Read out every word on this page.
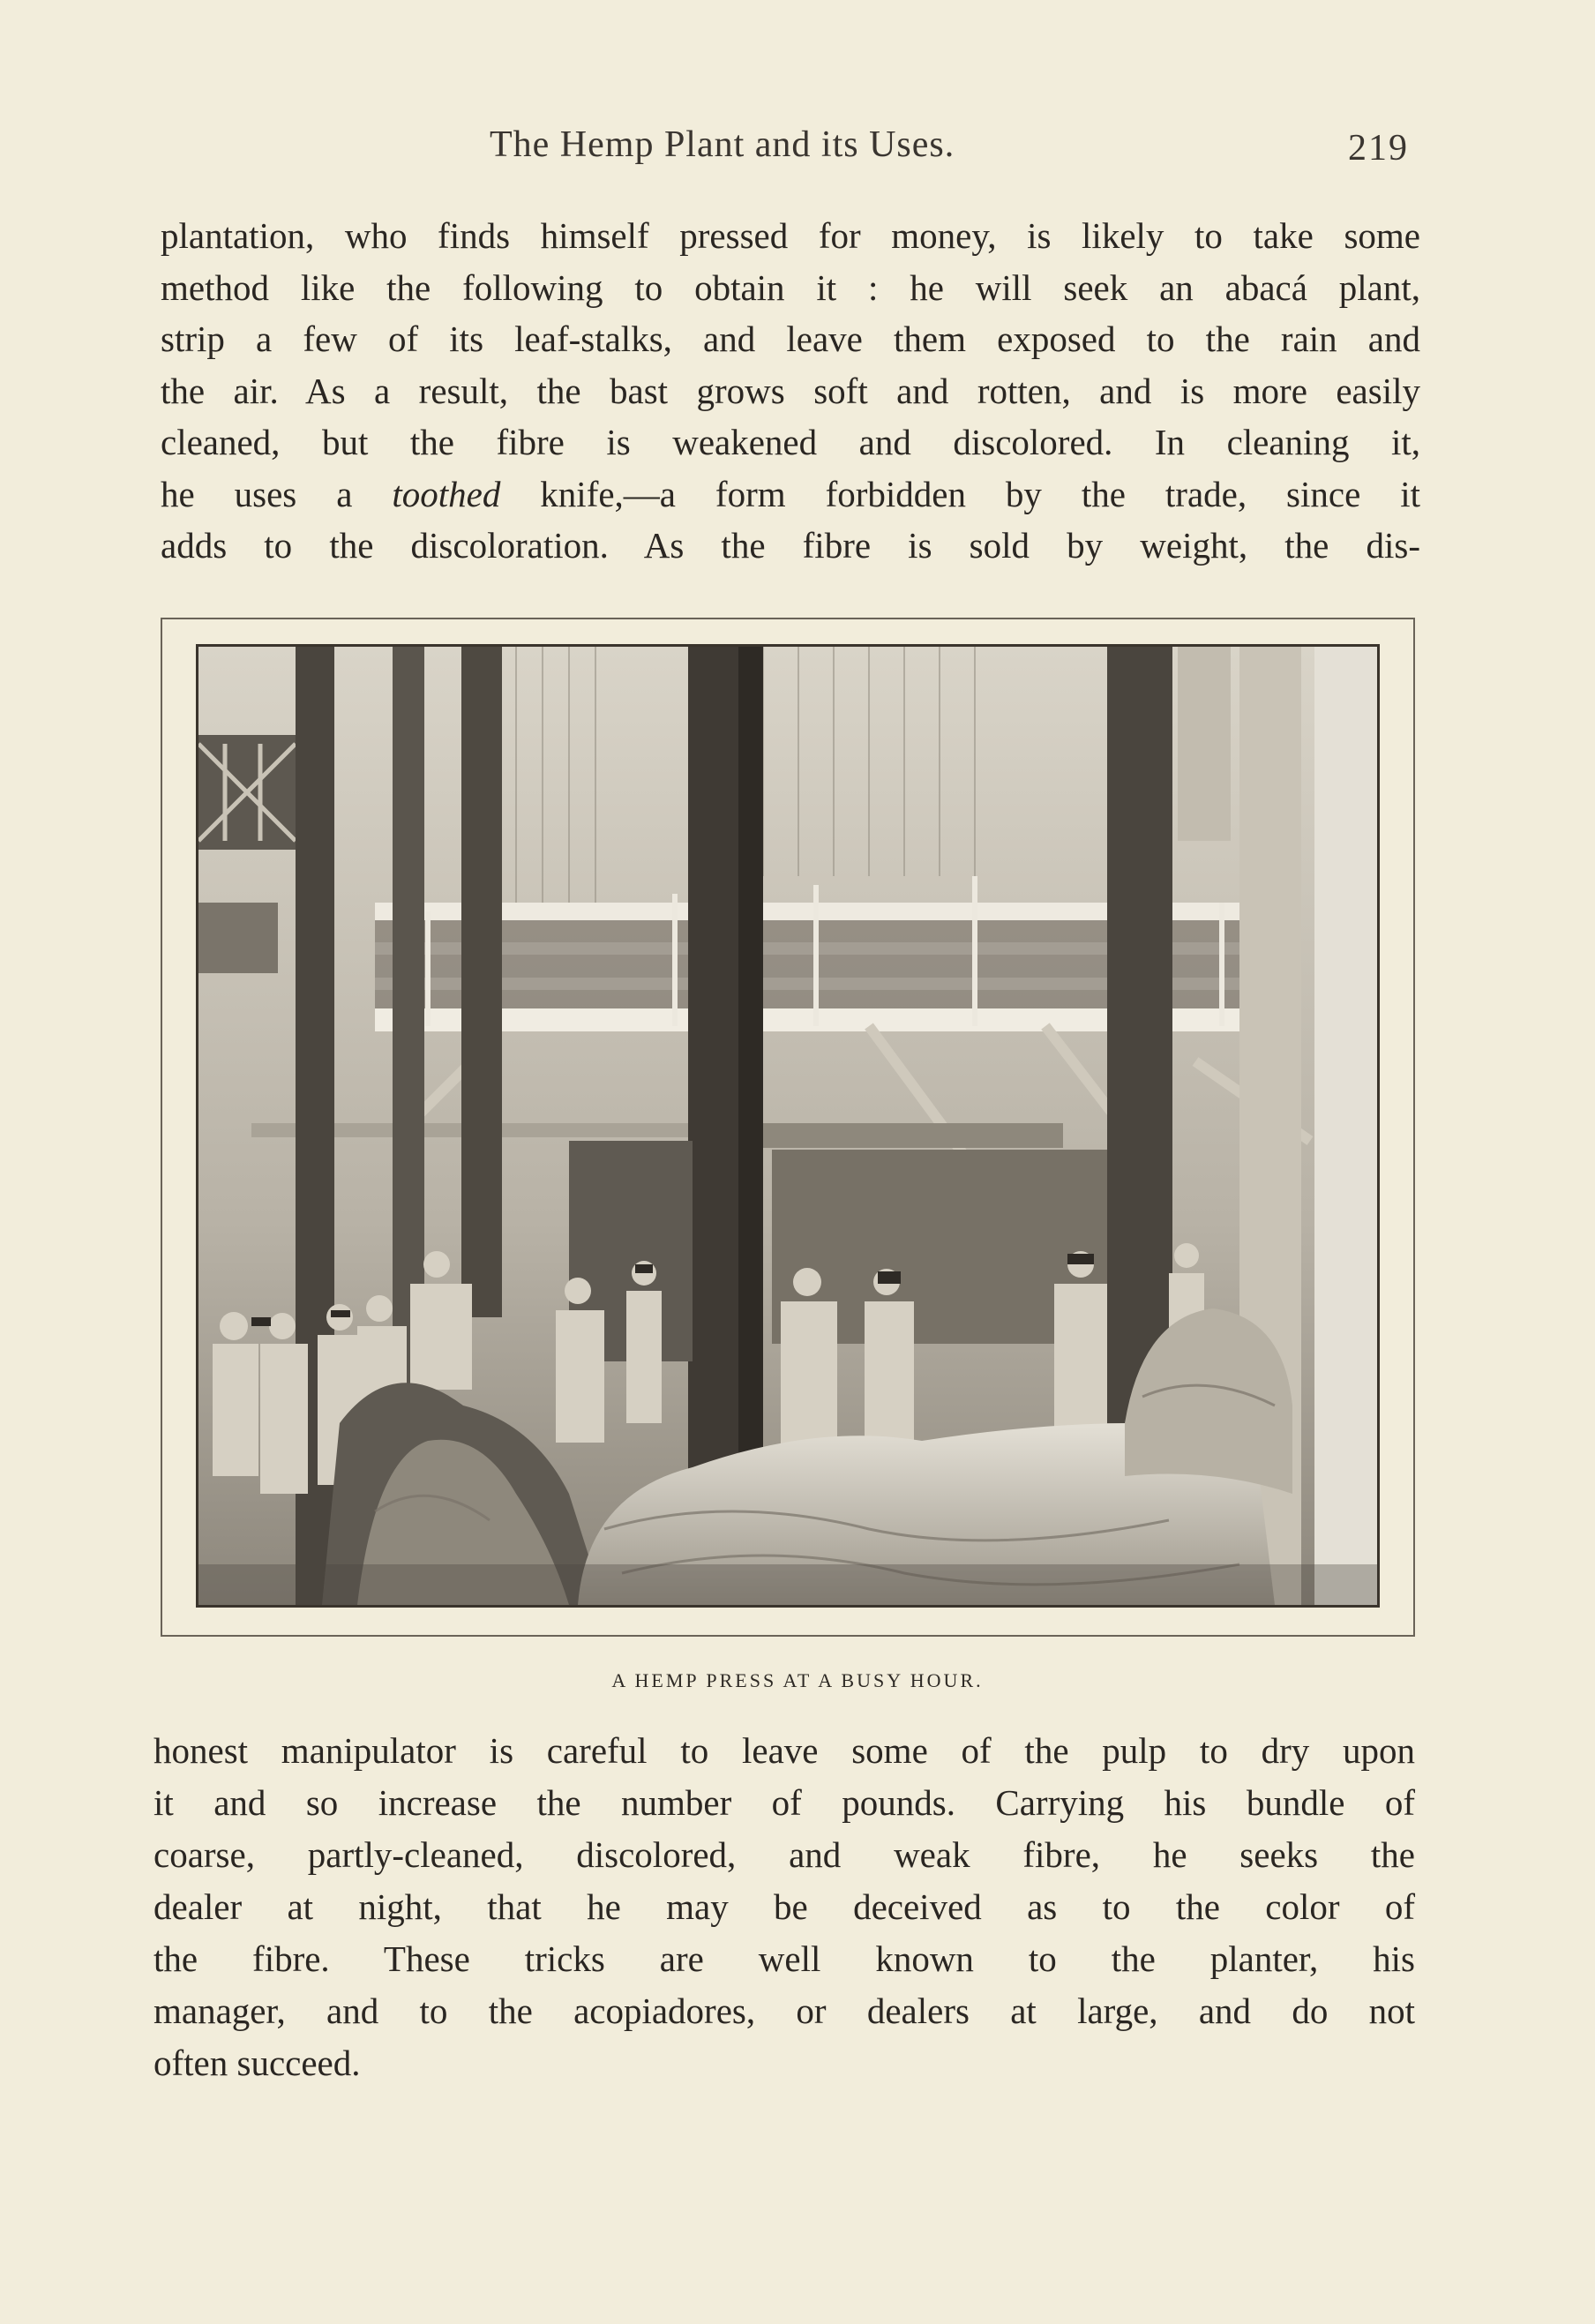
The Hemp Plant and its Uses.	219
plantation, who finds himself pressed for money, is likely to take some
method like the following to obtain it : he will seek an abacá plant,
strip a few of its leaf-stalks, and leave them exposed to the rain and
the air. As a result, the bast grows soft and rotten, and is more easily
cleaned, but the fibre is weakened and discolored. In cleaning it,
he uses a toothed knife,—a form forbidden by the trade, since it
adds to the discoloration. As the fibre is sold by weight, the dis-
A HEMP PRESS AT A BUSY HOUR.
honest manipulator is careful to leave some of the pulp to dry upon
it and so increase the number of pounds. Carrying his bundle of
coarse, partly-cleaned, discolored, and weak fibre, he seeks the
dealer at night, that he may be deceived as to the color of
the fibre. These tricks are well known to the planter, his
manager, and to the acopiadores, or dealers at large, and do not
often succeed.
